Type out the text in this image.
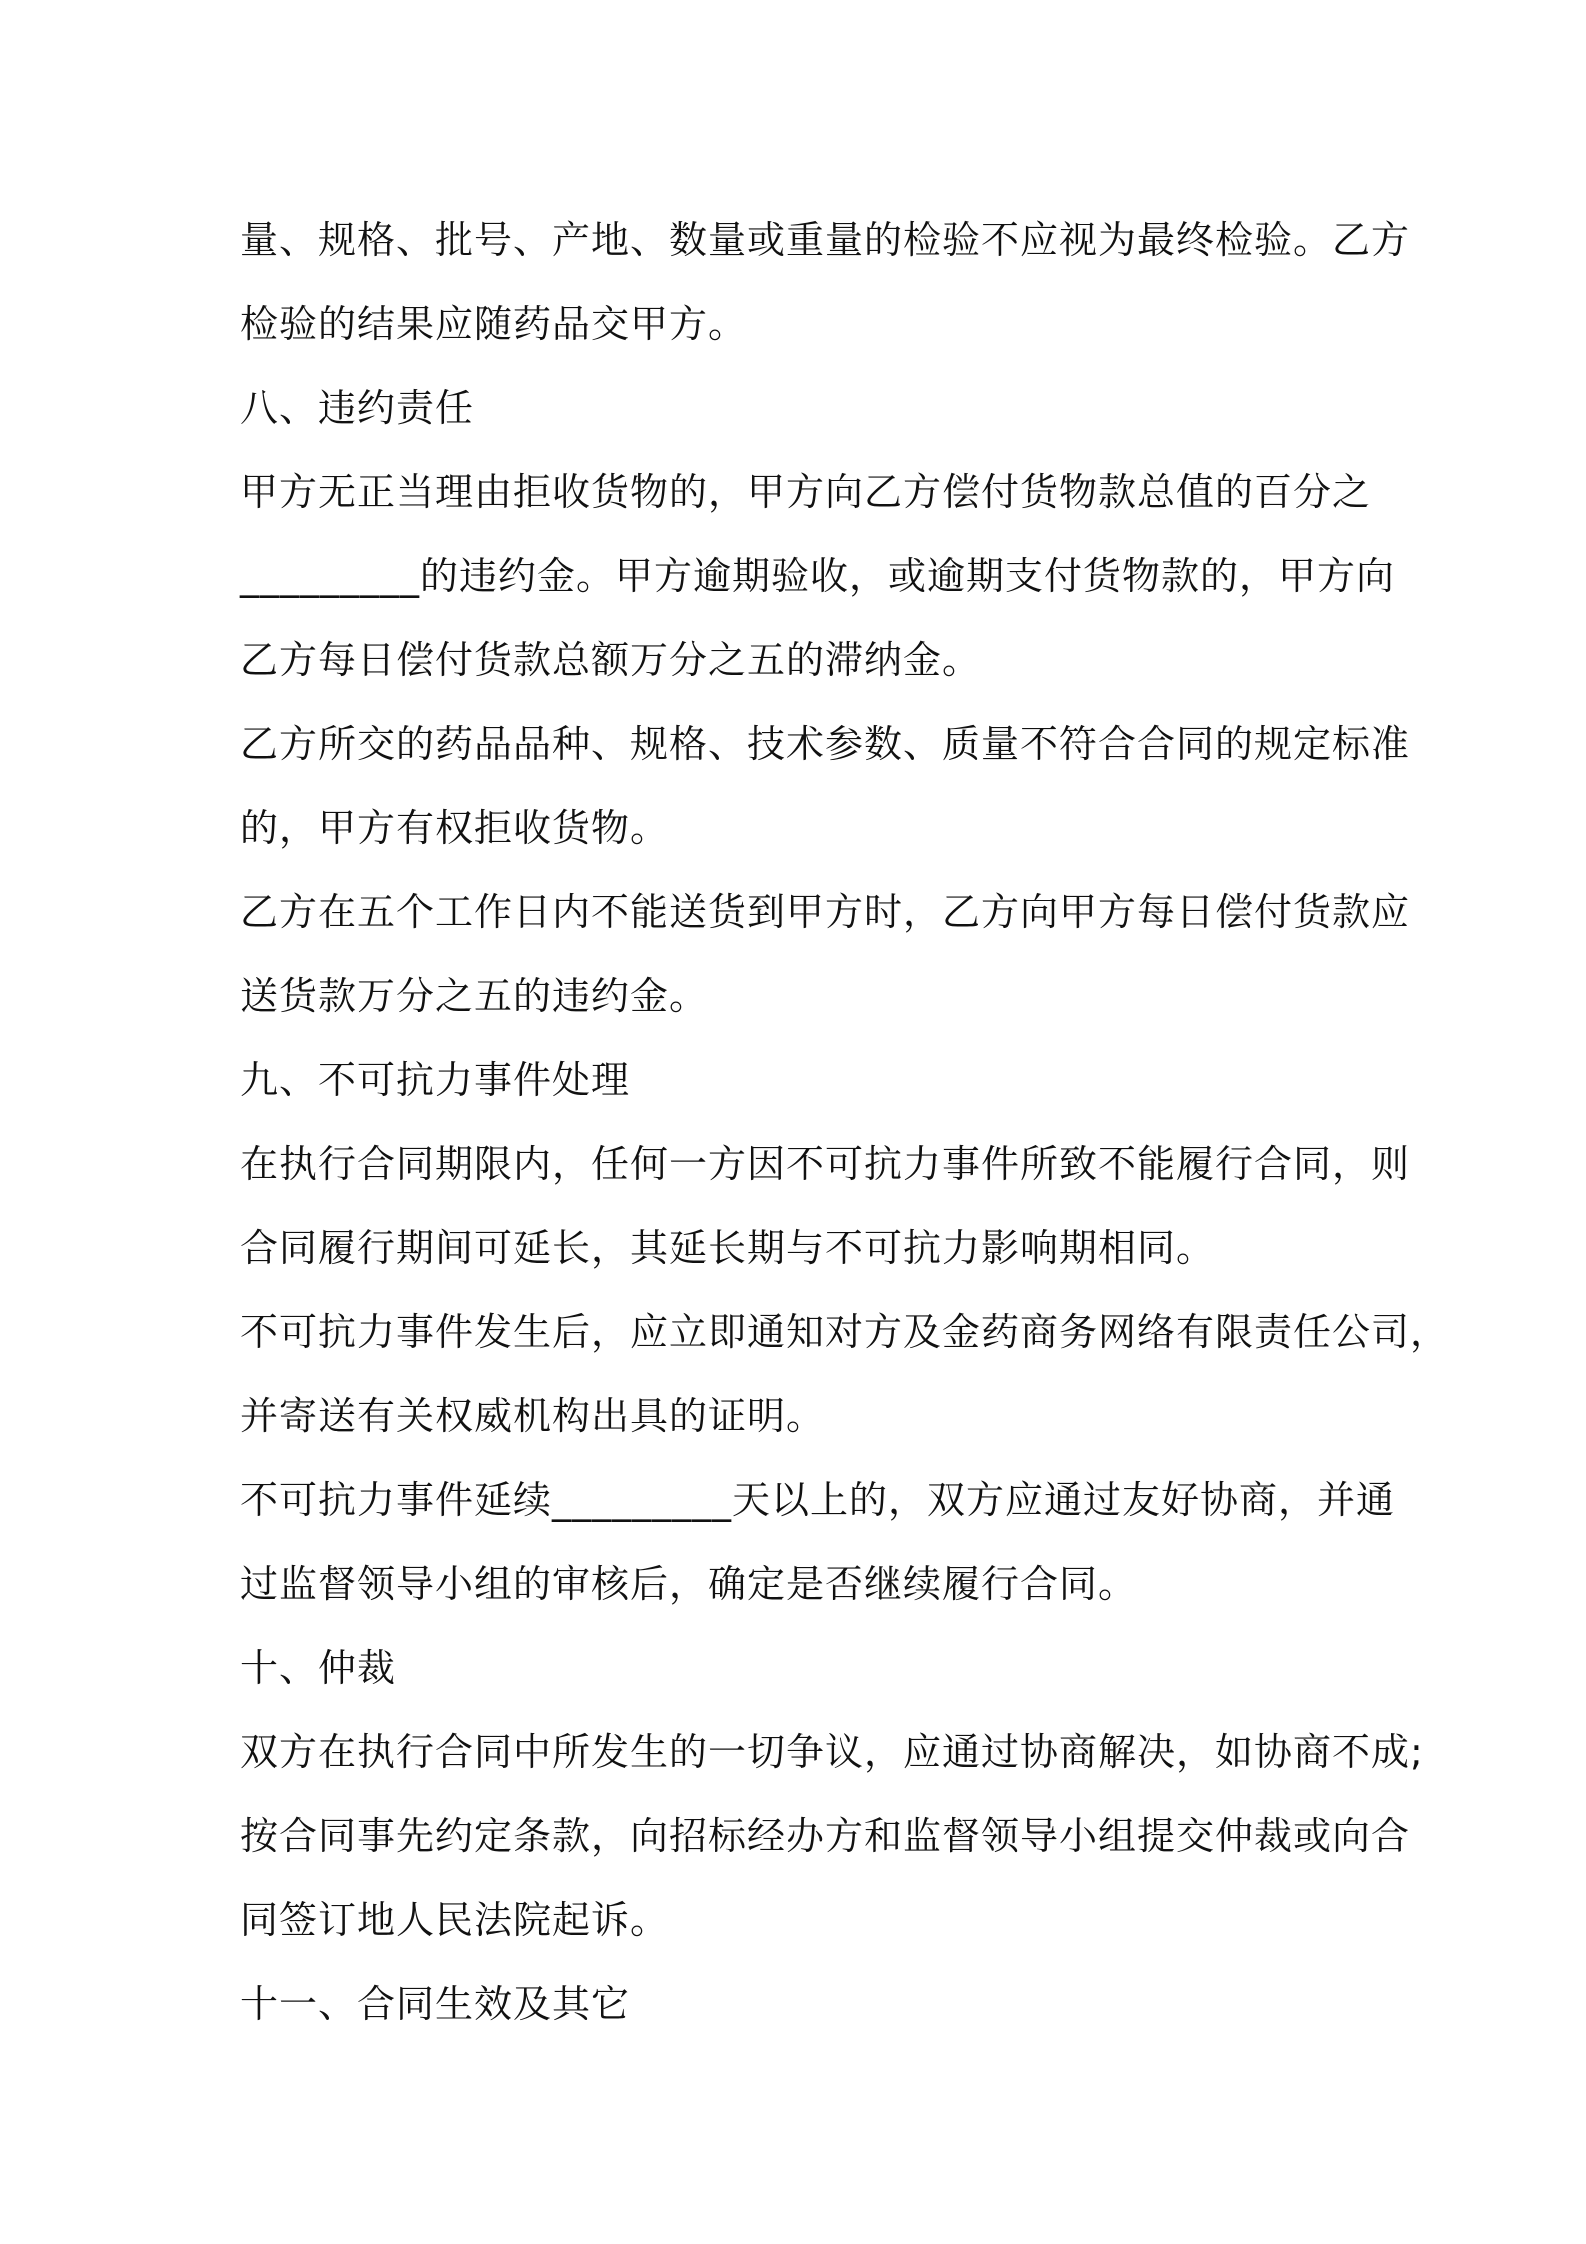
量、规格、批号、产地、数量或重量的检验不应视为最终检验。乙方
检验的结果应随药品交甲方。
八、违约责任
甲方无正当理由拒收货物的，甲方向乙方偿付货物款总值的百分之
_________的违约金。甲方逾期验收，或逾期支付货物款的，甲方向
乙方每日偿付货款总额万分之五的滞纳金。
乙方所交的药品品种、规格、技术参数、质量不符合合同的规定标准
的，甲方有权拒收货物。
乙方在五个工作日内不能送货到甲方时，乙方向甲方每日偿付货款应
送货款万分之五的违约金。
九、不可抗力事件处理
在执行合同期限内，任何一方因不可抗力事件所致不能履行合同，则
合同履行期间可延长，其延长期与不可抗力影响期相同。
不可抗力事件发生后，应立即通知对方及金药商务网络有限责任公司，
并寄送有关权威机构出具的证明。
不可抗力事件延续_________天以上的，双方应通过友好协商，并通
过监督领导小组的审核后，确定是否继续履行合同。
十、仲裁
双方在执行合同中所发生的一切争议，应通过协商解决，如协商不成;
按合同事先约定条款，向招标经办方和监督领导小组提交仲裁或向合
同签订地人民法院起诉。
十一、合同生效及其它
